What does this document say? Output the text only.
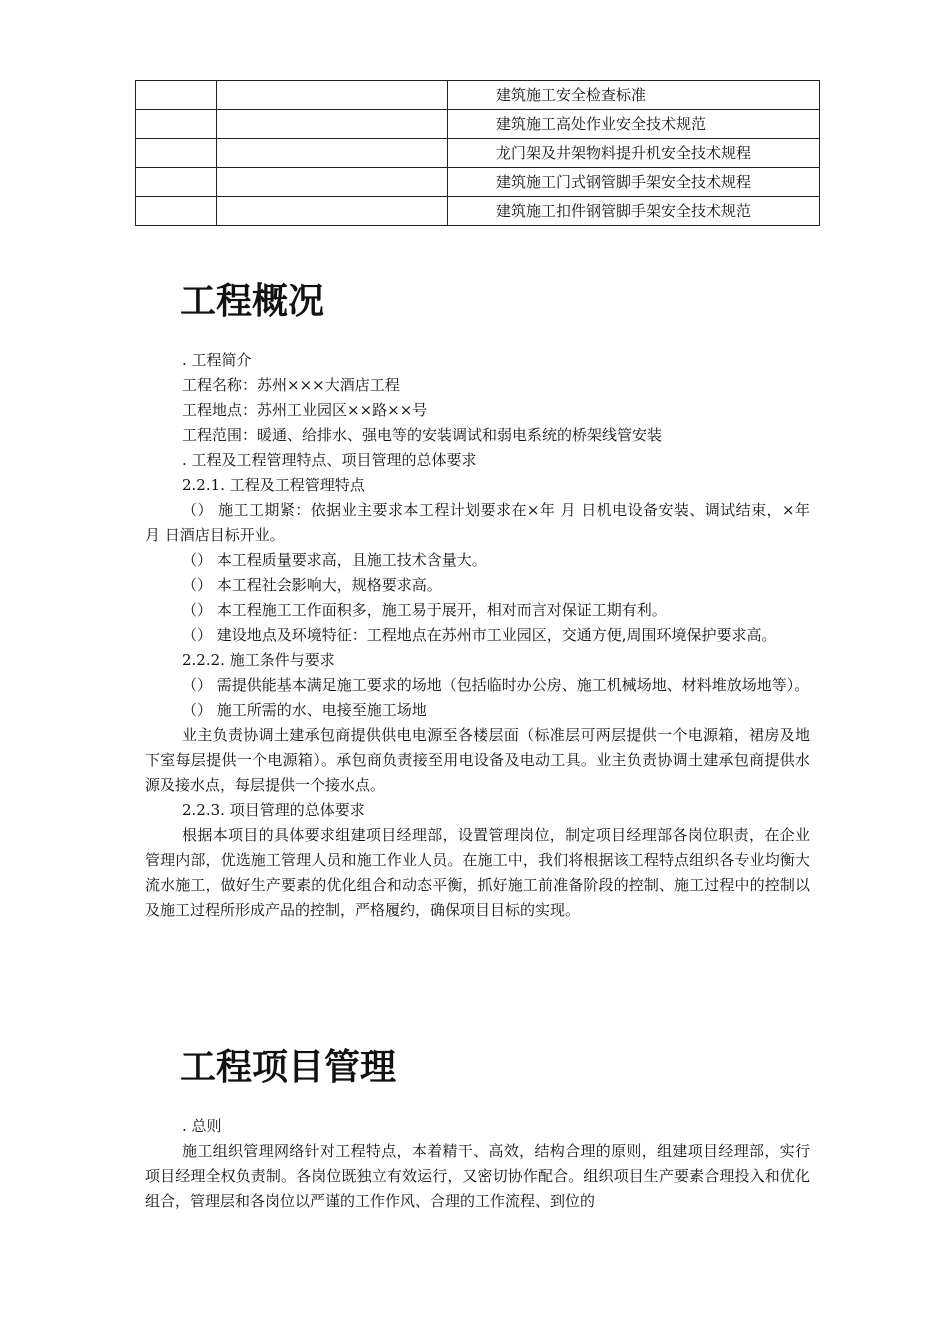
		建筑施工安全检查标准
		建筑施工高处作业安全技术规范
		龙门架及井架物料提升机安全技术规程
		建筑施工门式钢管脚手架安全技术规程
		建筑施工扣件钢管脚手架安全技术规范
工程概况

. 工程简介

工程名称：苏州×××大酒店工程

工程地点：苏州工业园区××路××号

工程范围：暖通、给排水、强电等的安装调试和弱电系统的桥架线管安装

. 工程及工程管理特点、项目管理的总体要求

2.2.1. 工程及工程管理特点

（） 施工工期紧：依据业主要求本工程计划要求在×年 月 日机电设备安装、调试结束，×年 月 日酒店目标开业。

（） 本工程质量要求高，且施工技术含量大。

（） 本工程社会影响大，规格要求高。

（） 本工程施工工作面积多，施工易于展开，相对而言对保证工期有利。

（） 建设地点及环境特征：工程地点在苏州市工业园区，交通方便,周围环境保护要求高。

2.2.2. 施工条件与要求

（） 需提供能基本满足施工要求的场地（包括临时办公房、施工机械场地、材料堆放场地等）。

（） 施工所需的水、电接至施工场地

业主负责协调土建承包商提供供电电源至各楼层面（标准层可两层提供一个电源箱，裙房及地下室每层提供一个电源箱）。承包商负责接至用电设备及电动工具。业主负责协调土建承包商提供水源及接水点，每层提供一个接水点。

2.2.3. 项目管理的总体要求

根据本项目的具体要求组建项目经理部，设置管理岗位，制定项目经理部各岗位职责，在企业管理内部，优选施工管理人员和施工作业人员。在施工中，我们将根据该工程特点组织各专业均衡大流水施工，做好生产要素的优化组合和动态平衡，抓好施工前准备阶段的控制、施工过程中的控制以及施工过程所形成产品的控制，严格履约，确保项目目标的实现。

工程项目管理

. 总则

施工组织管理网络针对工程特点，本着精干、高效，结构合理的原则，组建项目经理部，实行项目经理全权负责制。各岗位既独立有效运行，又密切协作配合。组织项目生产要素合理投入和优化组合，管理层和各岗位以严谨的工作作风、合理的工作流程、到位的
